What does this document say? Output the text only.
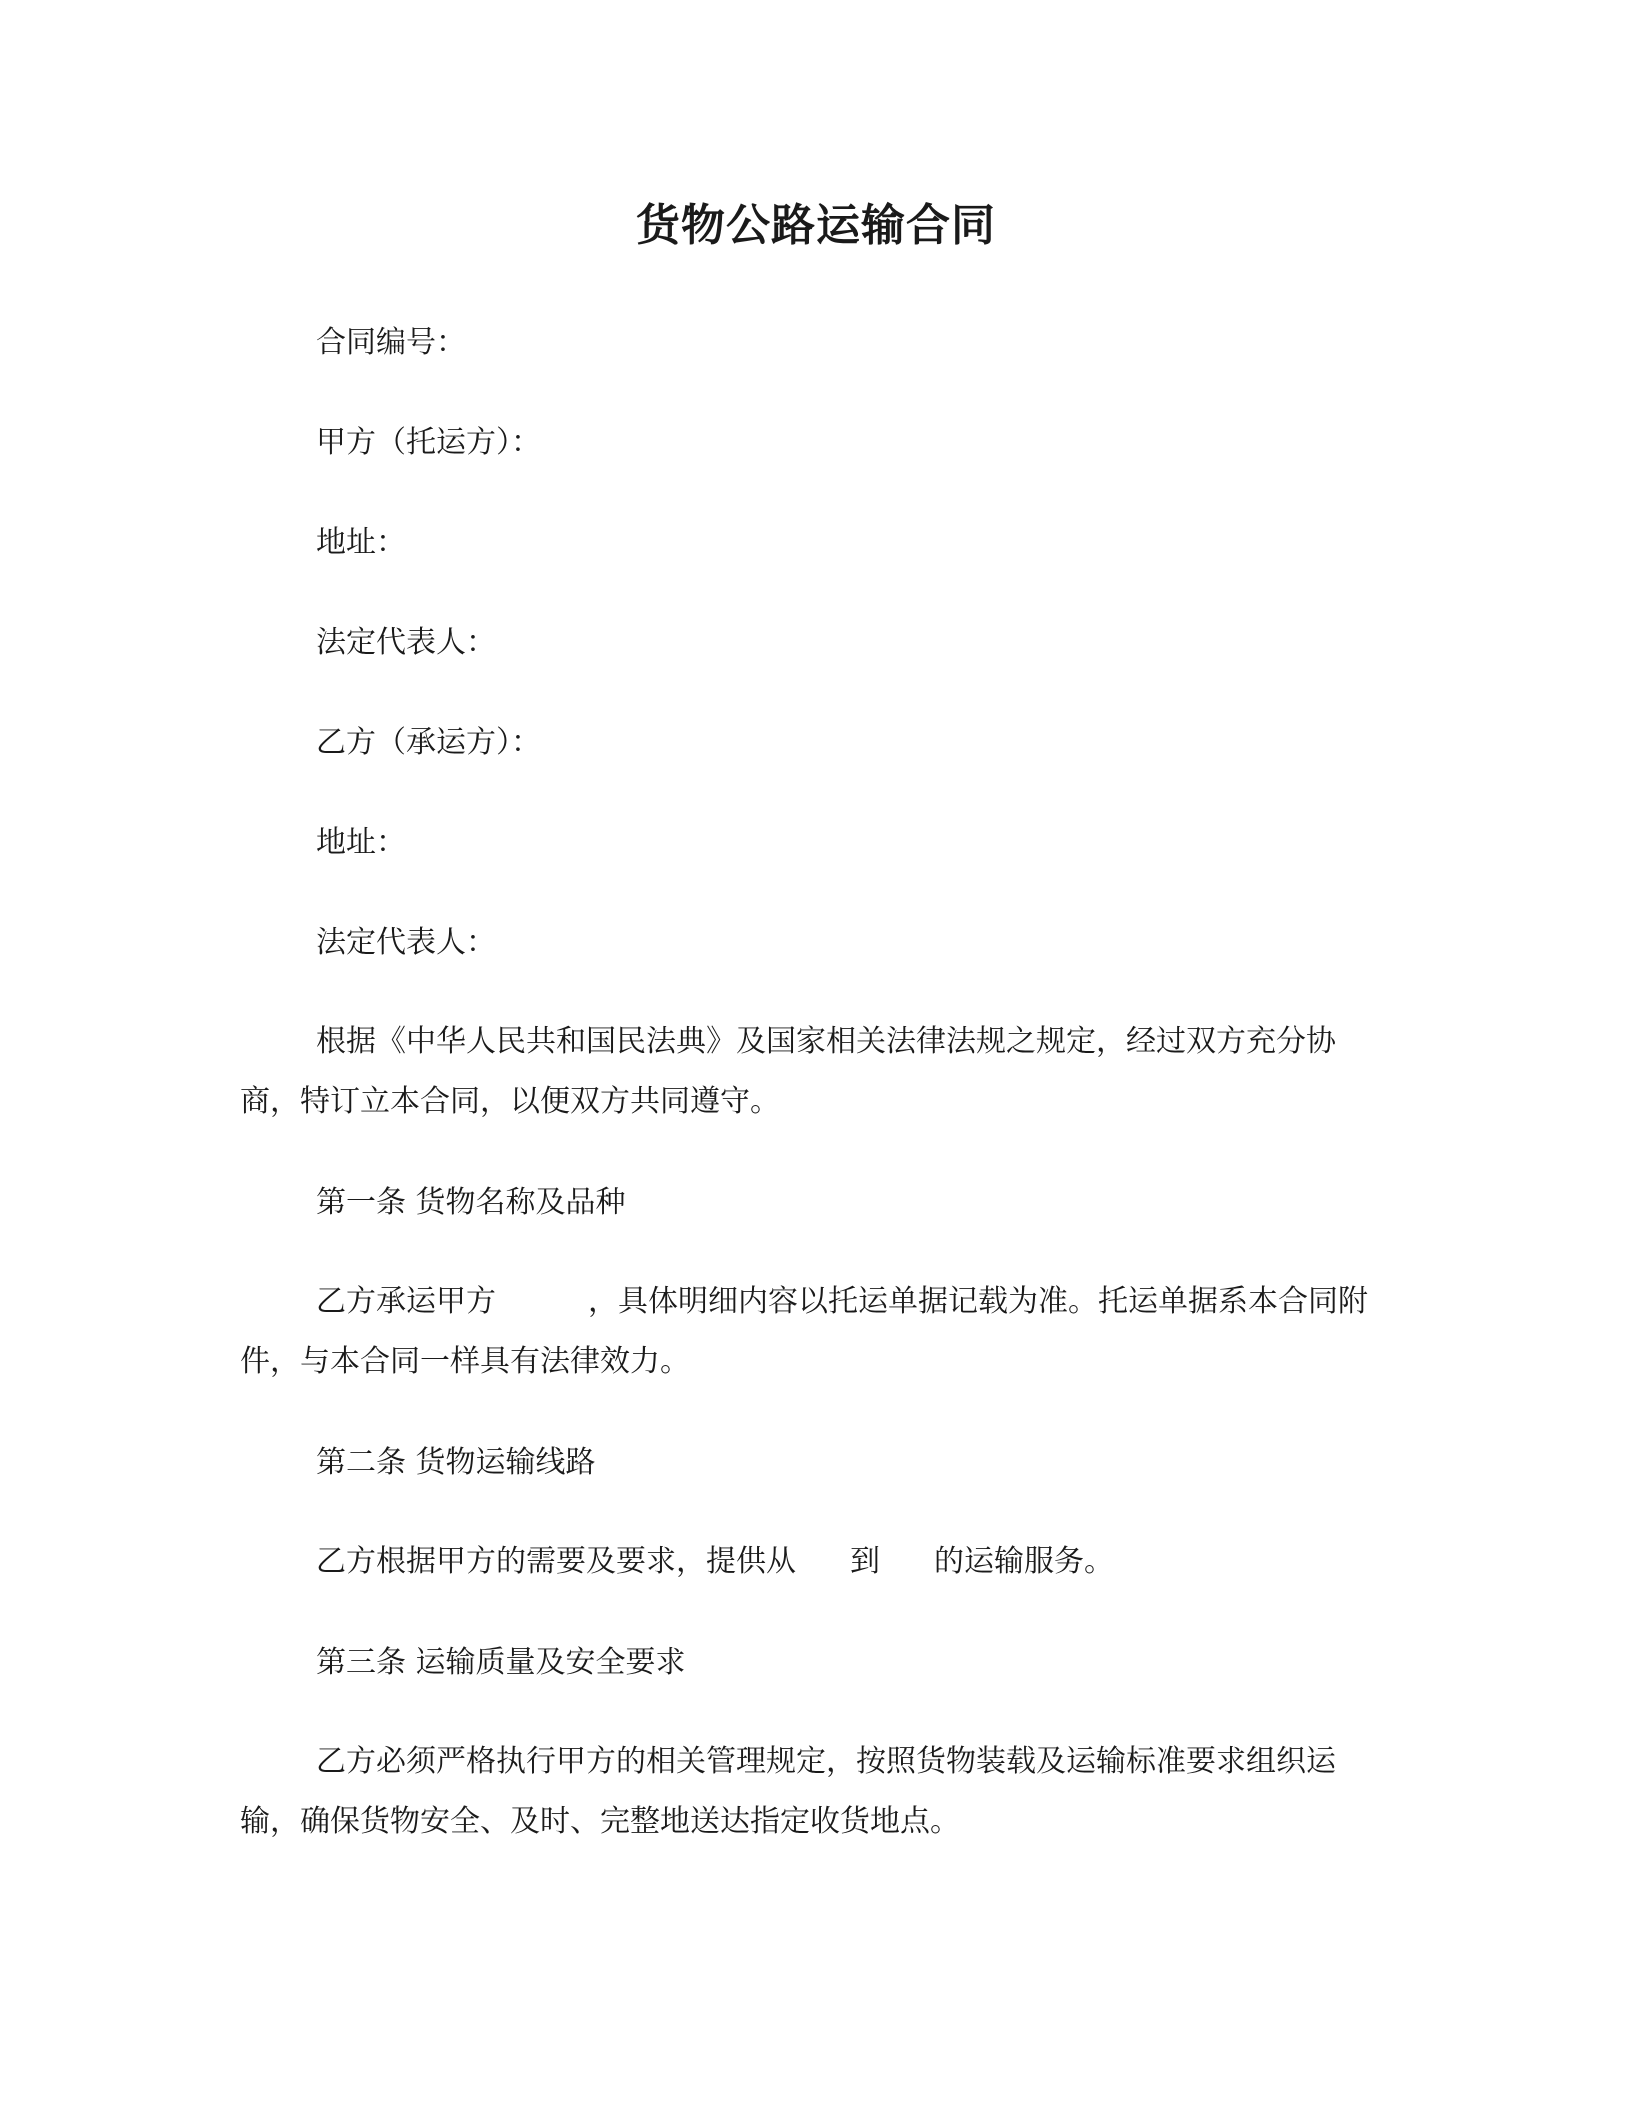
货物公路运输合同
合同编号：
甲方（托运方）：
地址：
法定代表人：
乙方（承运方）：
地址：
法定代表人：
根据《中华人民共和国民法典》及国家相关法律法规之规定，经过双方充分协商，特订立本合同，以便双方共同遵守。
第一条 货物名称及品种
乙方承运甲方	，具体明细内容以托运单据记载为准。托运单据系本合同附件，与本合同一样具有法律效力。
第二条 货物运输线路
乙方根据甲方的需要及要求，提供从 到 的运输服务。
第三条 运输质量及安全要求
乙方必须严格执行甲方的相关管理规定，按照货物装载及运输标准要求组织运输，确保货物安全、及时、完整地送达指定收货地点。
